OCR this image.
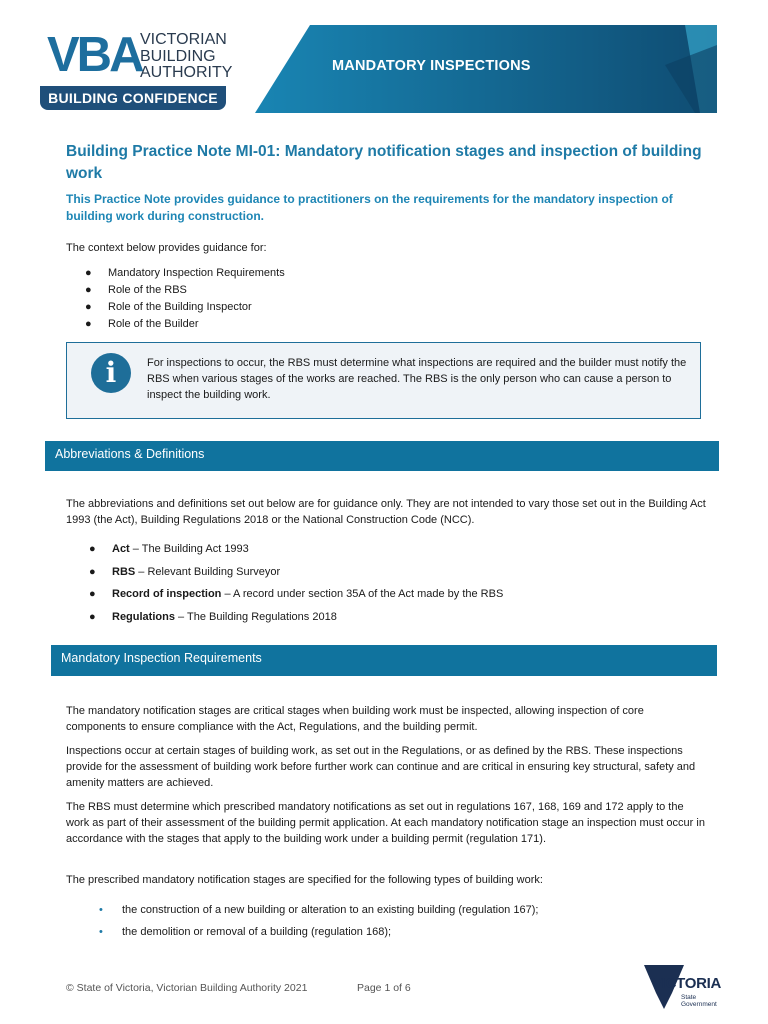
MANDATORY INSPECTIONS
VBA
VICTORIAN
BUILDING
AUTHORITY
BUILDING CONFIDENCE
Building Practice Note MI-01: Mandatory notification stages and inspection of building work
This Practice Note provides guidance to practitioners on the requirements for the mandatory inspection of building work during construction.
The context below provides guidance for:
● Mandatory Inspection Requirements
● Role of the RBS
● Role of the Building Inspector
● Role of the Builder
i	For inspections to occur, the RBS must determine what inspections are required and the builder must notify the RBS when various stages of the works are reached. The RBS is the only person who can cause a person to inspect the building work.
Abbreviations & Definitions
The abbreviations and definitions set out below are for guidance only. They are not intended to vary those set out in the Building Act 1993 (the Act), Building Regulations 2018 or the National Construction Code (NCC).
● Act – The Building Act 1993
● RBS – Relevant Building Surveyor
● Record of inspection – A record under section 35A of the Act made by the RBS
● Regulations – The Building Regulations 2018
Mandatory Inspection Requirements
The mandatory notification stages are critical stages when building work must be inspected, allowing inspection of core components to ensure compliance with the Act, Regulations, and the building permit.
Inspections occur at certain stages of building work, as set out in the Regulations, or as defined by the RBS. These inspections provide for the assessment of building work before further work can continue and are critical in ensuring key structural, safety and amenity matters are achieved.
The RBS must determine which prescribed mandatory notifications as set out in regulations 167, 168, 169 and 172 apply to the work as part of their assessment of the building permit application. At each mandatory notification stage an inspection must occur in accordance with the stages that apply to the building work under a building permit (regulation 171).
The prescribed mandatory notification stages are specified for the following types of building work:
• the construction of a new building or alteration to an existing building (regulation 167);
• the demolition or removal of a building (regulation 168);
© State of Victoria, Victorian Building Authority 2021	Page 1 of 6	VICTORIA
State
Government
